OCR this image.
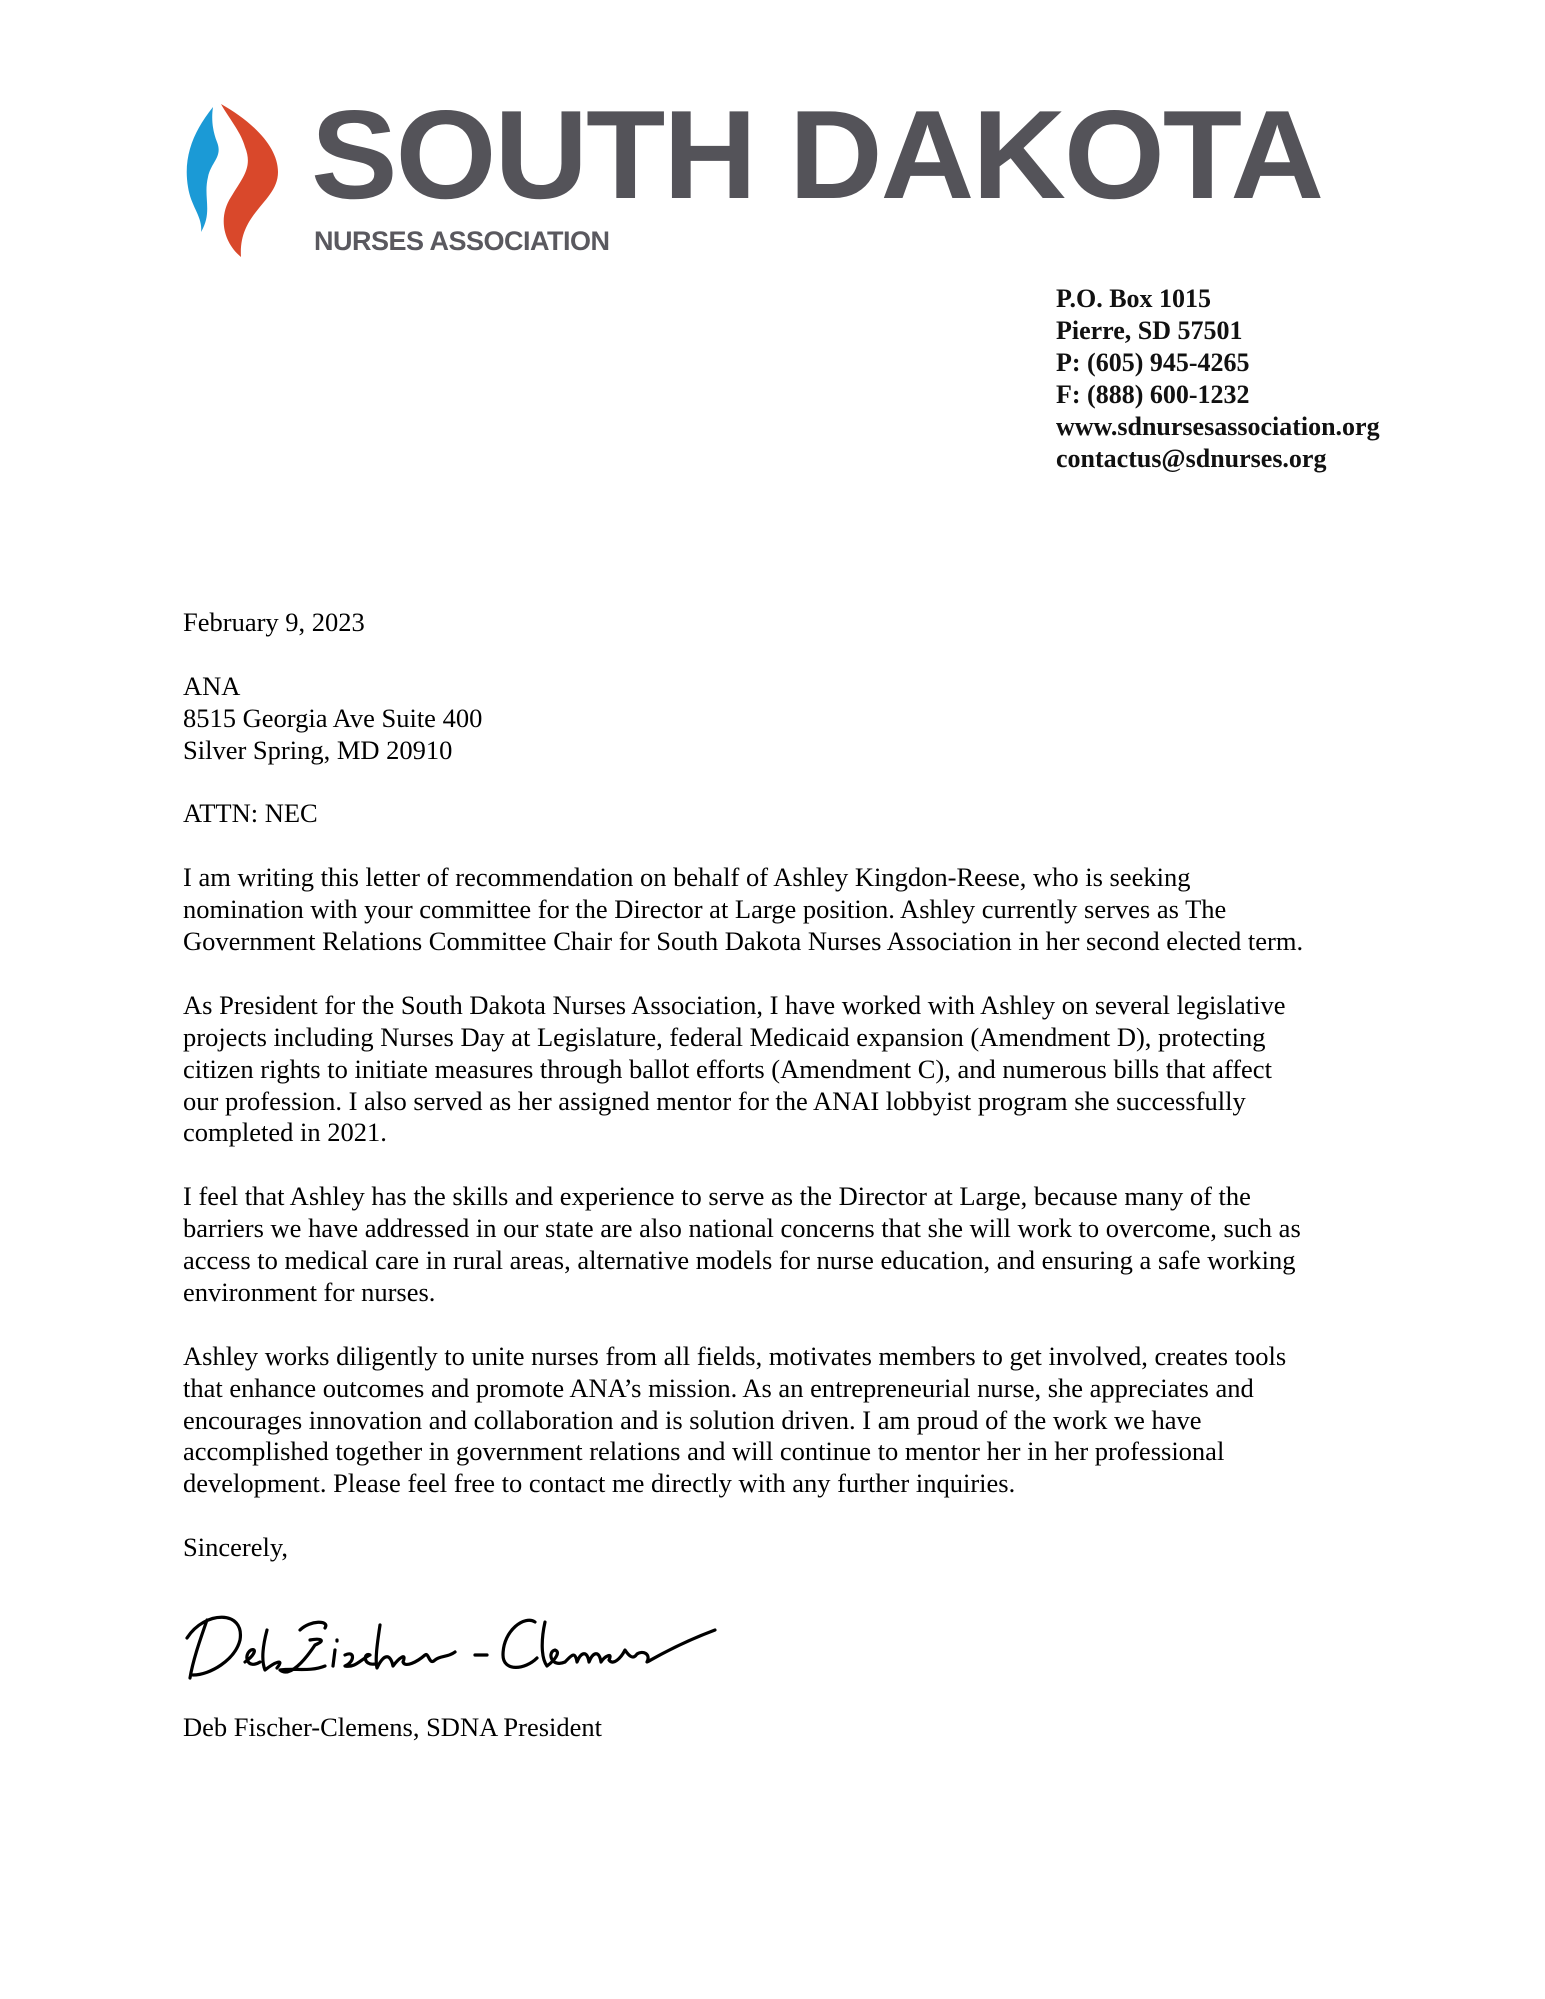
SOUTH DAKOTA
NURSES ASSOCIATION
P.O. Box 1015
Pierre, SD 57501
P: (605) 945-4265
F: (888) 600-1232
www.sdnursesassociation.org
contactus@sdnurses.org
February 9, 2023
ANA
8515 Georgia Ave Suite 400
Silver Spring, MD 20910
ATTN: NEC
I am writing this letter of recommendation on behalf of Ashley Kingdon-Reese, who is seeking
nomination with your committee for the Director at Large position. Ashley currently serves as The
Government Relations Committee Chair for South Dakota Nurses Association in her second elected term.
As President for the South Dakota Nurses Association, I have worked with Ashley on several legislative
projects including Nurses Day at Legislature, federal Medicaid expansion (Amendment D), protecting
citizen rights to initiate measures through ballot efforts (Amendment C), and numerous bills that affect
our profession. I also served as her assigned mentor for the ANAI lobbyist program she successfully
completed in 2021.
I feel that Ashley has the skills and experience to serve as the Director at Large, because many of the
barriers we have addressed in our state are also national concerns that she will work to overcome, such as
access to medical care in rural areas, alternative models for nurse education, and ensuring a safe working
environment for nurses.
Ashley works diligently to unite nurses from all fields, motivates members to get involved, creates tools
that enhance outcomes and promote ANA’s mission. As an entrepreneurial nurse, she appreciates and
encourages innovation and collaboration and is solution driven. I am proud of the work we have
accomplished together in government relations and will continue to mentor her in her professional
development. Please feel free to contact me directly with any further inquiries.
Sincerely,
Deb Fischer-Clemens, SDNA President
